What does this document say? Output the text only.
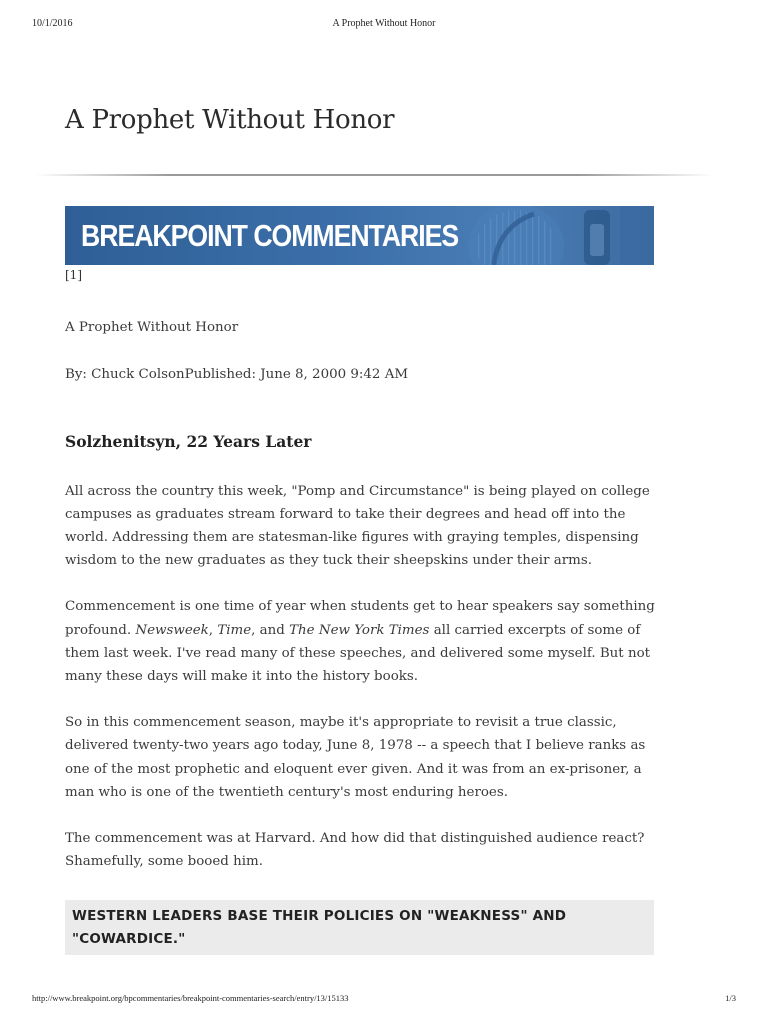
10/1/2016	A Prophet Without Honor
A Prophet Without Honor
BREAKPOINT COMMENTARIES
[1]

A Prophet Without Honor

By: Chuck ColsonPublished: June 8, 2000 9:42 AM

Solzhenitsyn, 22 Years Later

All across the country this week, "Pomp and Circumstance" is being played on college campuses as graduates stream forward to take their degrees and head off into the world. Addressing them are statesman-like figures with graying temples, dispensing wisdom to the new graduates as they tuck their sheepskins under their arms.

Commencement is one time of year when students get to hear speakers say something profound. Newsweek, Time, and The New York Times all carried excerpts of some of them last week. I've read many of these speeches, and delivered some myself. But not many these days will make it into the history books.

So in this commencement season, maybe it's appropriate to revisit a true classic, delivered twenty-two years ago today, June 8, 1978 -- a speech that I believe ranks as one of the most prophetic and eloquent ever given. And it was from an ex-prisoner, a man who is one of the twentieth century's most enduring heroes.

The commencement was at Harvard. And how did that distinguished audience react? Shamefully, some booed him.

WESTERN LEADERS BASE THEIR POLICIES ON "WEAKNESS" AND "COWARDICE."
http://www.breakpoint.org/bpcommentaries/breakpoint-commentaries-search/entry/13/15133	1/3
